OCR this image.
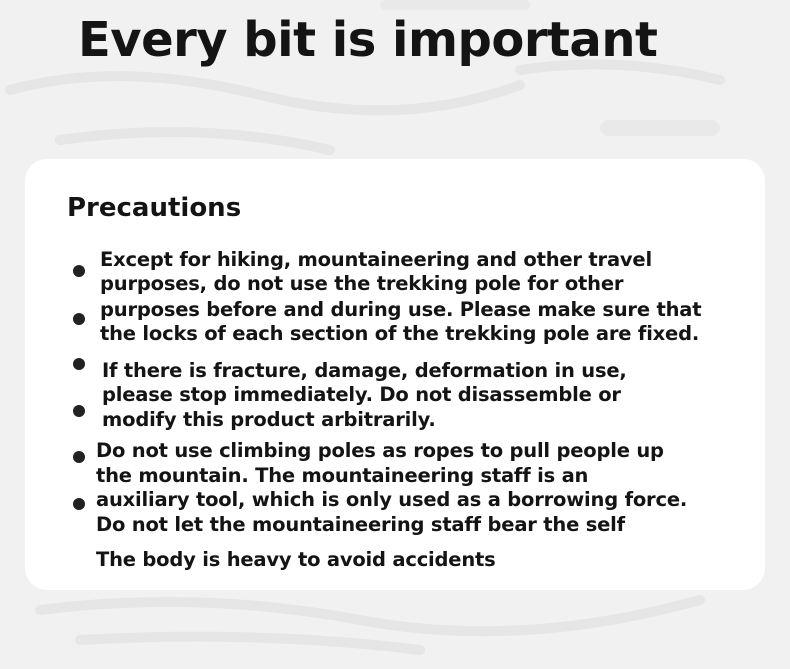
Every bit is important
Precautions

Except for hiking, mountaineering and other travel

purposes, do not use the trekking pole for other

purposes before and during use. Please make sure that

the locks of each section of the trekking pole are fixed.

If there is fracture, damage, deformation in use,

please stop immediately. Do not disassemble or

modify this product arbitrarily.

Do not use climbing poles as ropes to pull people up

the mountain. The mountaineering staff is an

auxiliary tool, which is only used as a borrowing force.

Do not let the mountaineering staff bear the self

The body is heavy to avoid accidents
